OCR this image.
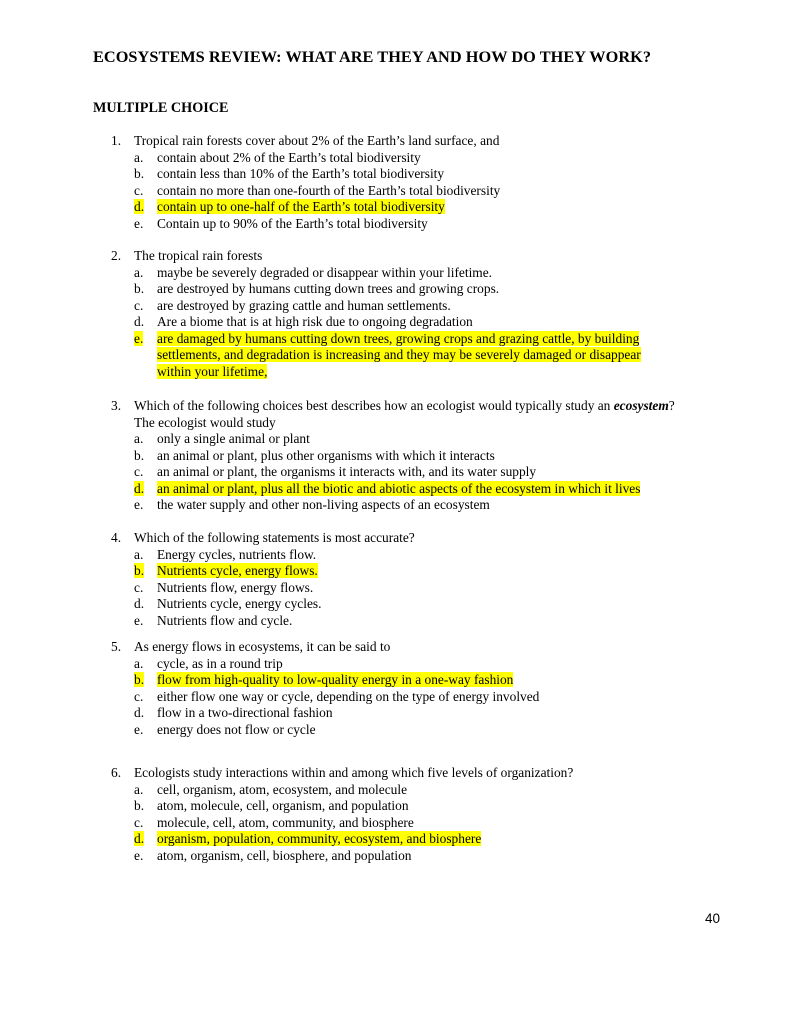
ECOSYSTEMS REVIEW: WHAT ARE THEY AND HOW DO THEY WORK?
MULTIPLE CHOICE
1. Tropical rain forests cover about 2% of the Earth’s land surface, and
a. contain about 2% of the Earth’s total biodiversity
b. contain less than 10% of the Earth’s total biodiversity
c. contain no more than one-fourth of the Earth’s total biodiversity
d. contain up to one-half of the Earth’s total biodiversity
e. Contain up to 90% of the Earth’s total biodiversity
2. The tropical rain forests
a. maybe be severely degraded or disappear within your lifetime.
b. are destroyed by humans cutting down trees and growing crops.
c. are destroyed by grazing cattle and human settlements.
d. Are a biome that is at high risk due to ongoing degradation
e. are damaged by humans cutting down trees, growing crops and grazing cattle, by building
settlements, and degradation is increasing and they may be severely damaged or disappear
within your lifetime,
3. Which of the following choices best describes how an ecologist would typically study an ecosystem?
The ecologist would study
a. only a single animal or plant
b. an animal or plant, plus other organisms with which it interacts
c. an animal or plant, the organisms it interacts with, and its water supply
d. an animal or plant, plus all the biotic and abiotic aspects of the ecosystem in which it lives
e. the water supply and other non-living aspects of an ecosystem
4. Which of the following statements is most accurate?
a. Energy cycles, nutrients flow.
b. Nutrients cycle, energy flows.
c. Nutrients flow, energy flows.
d. Nutrients cycle, energy cycles.
e. Nutrients flow and cycle.
5. As energy flows in ecosystems, it can be said to
a. cycle, as in a round trip
b. flow from high-quality to low-quality energy in a one-way fashion
c. either flow one way or cycle, depending on the type of energy involved
d. flow in a two-directional fashion
e. energy does not flow or cycle
6. Ecologists study interactions within and among which five levels of organization?
a. cell, organism, atom, ecosystem, and molecule
b. atom, molecule, cell, organism, and population
c. molecule, cell, atom, community, and biosphere
d. organism, population, community, ecosystem, and biosphere
e. atom, organism, cell, biosphere, and population
40
